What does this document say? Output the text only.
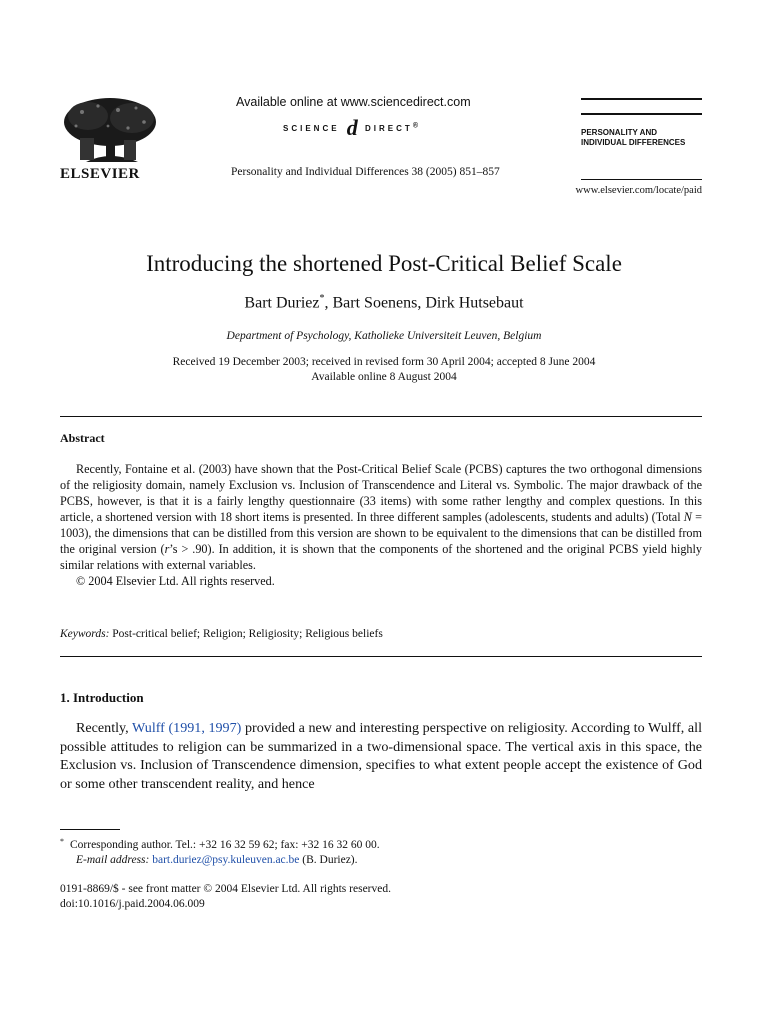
ELSEVIER
Available online at www.sciencedirect.com
SCIENCE d DIRECT®
Personality and Individual Differences 38 (2005) 851–857
PERSONALITY AND
INDIVIDUAL DIFFERENCES
www.elsevier.com/locate/paid
Introducing the shortened Post-Critical Belief Scale
Bart Duriez*, Bart Soenens, Dirk Hutsebaut
Department of Psychology, Katholieke Universiteit Leuven, Belgium
Received 19 December 2003; received in revised form 30 April 2004; accepted 8 June 2004
Available online 8 August 2004
Abstract

Recently, Fontaine et al. (2003) have shown that the Post-Critical Belief Scale (PCBS) captures the two orthogonal dimensions of the religiosity domain, namely Exclusion vs. Inclusion of Transcendence and Literal vs. Symbolic. The major drawback of the PCBS, however, is that it is a fairly lengthy questionnaire (33 items) with some rather lengthy and complex questions. In this article, a shortened version with 18 short items is presented. In three different samples (adolescents, students and adults) (Total N = 1003), the dimensions that can be distilled from this version are shown to be equivalent to the dimensions that can be distilled from the original version (r’s > .90). In addition, it is shown that the components of the shortened and the original PCBS yield highly similar relations with external variables.

© 2004 Elsevier Ltd. All rights reserved.

Keywords: Post-critical belief; Religion; Religiosity; Religious beliefs
1. Introduction

Recently, Wulff (1991, 1997) provided a new and interesting perspective on religiosity. According to Wulff, all possible attitudes to religion can be summarized in a two-dimensional space. The vertical axis in this space, the Exclusion vs. Inclusion of Transcendence dimension, specifies to what extent people accept the existence of God or some other transcendent reality, and hence

* Corresponding author. Tel.: +32 16 32 59 62; fax: +32 16 32 60 00.
E-mail address: bart.duriez@psy.kuleuven.ac.be (B. Duriez).
0191-8869/$ - see front matter © 2004 Elsevier Ltd. All rights reserved.
doi:10.1016/j.paid.2004.06.009
